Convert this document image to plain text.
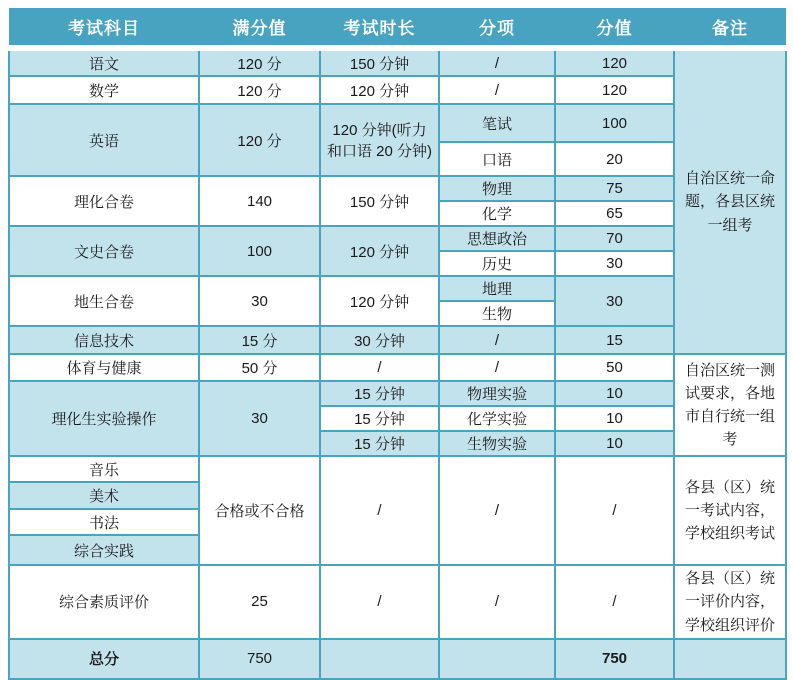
考试科目	满分值	考试时长	分项	分值	备注
语文	120 分	150 分钟	/	120	自治区统一命题，各县区统一组考
数学	120 分	120 分钟	/	120	
英语	120 分	120 分钟(听力和口语 20 分钟)	笔试	100	
			口语	20	
理化合卷	140	150 分钟	物理	75	
			化学	65	
文史合卷	100	120 分钟	思想政治	70	
			历史	30	
地生合卷	30	120 分钟	地理	30	
			生物		
信息技术	15 分	30 分钟	/	15	
体育与健康	50 分	/	/	50	自治区统一测试要求，各地市自行统一组考
理化生实验操作	30	15 分钟	物理实验	10	
		15 分钟	化学实验	10	
		15 分钟	生物实验	10	
音乐	合格或不合格	/	/	/	各县（区）统一考试内容，学校组织考试
美术					
书法					
综合实践					
综合素质评价	25	/	/	/	各县（区）统一评价内容，学校组织评价
总分	750			750	
